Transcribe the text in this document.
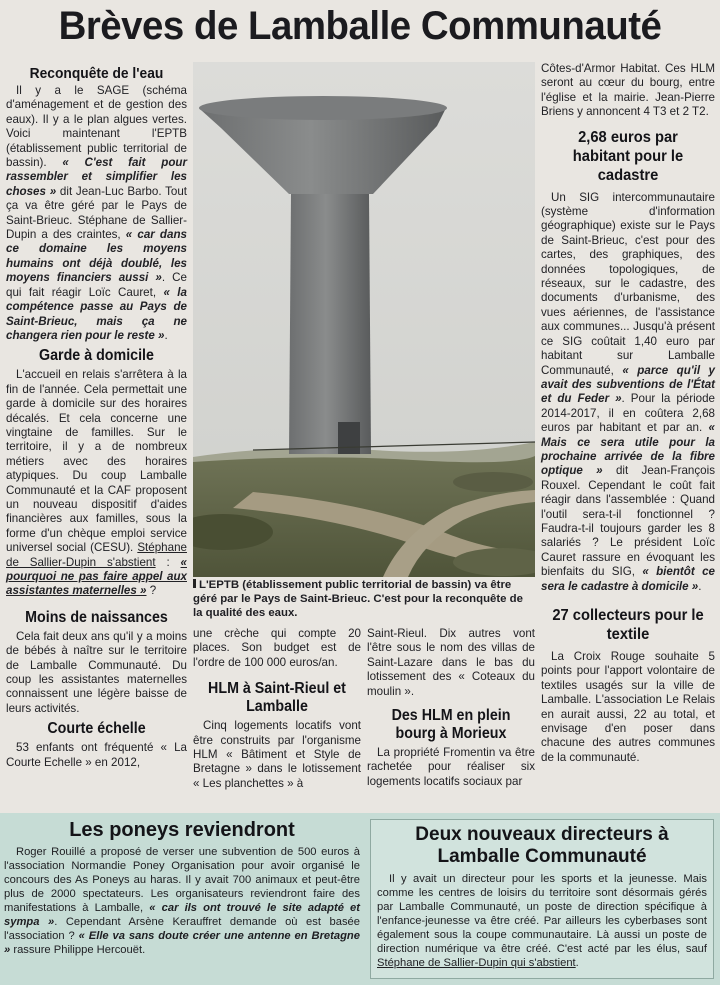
Brèves de Lamballe Communauté
Reconquête de l'eau

Il y a le SAGE (schéma d'aménagement et de gestion des eaux). Il y a le plan algues vertes. Voici maintenant l'EPTB (établissement public territorial de bassin). « C'est fait pour rassembler et simplifier les choses » dit Jean-Luc Barbo. Tout ça va être géré par le Pays de Saint-Brieuc. Stéphane de Sallier-Dupin a des craintes, « car dans ce domaine les moyens humains ont déjà doublé, les moyens financiers aussi ». Ce qui fait réagir Loïc Cauret, « la compétence passe au Pays de Saint-Brieuc, mais ça ne changera rien pour le reste ».

Garde à domicile

L'accueil en relais s'arrêtera à la fin de l'année. Cela permettait une garde à domicile sur des horaires décalés. Et cela concerne une vingtaine de familles. Sur le territoire, il y a de nombreux métiers avec des horaires atypiques. Du coup Lamballe Communauté et la CAF proposent un nouveau dispositif d'aides financières aux familles, sous la forme d'un chèque emploi service universel social (CESU). Stéphane de Sallier-Dupin s'abstient : « pourquoi ne pas faire appel aux assistantes maternelles » ?

Moins de naissances

Cela fait deux ans qu'il y a moins de bébés à naître sur le territoire de Lamballe Communauté. Du coup les assistantes maternelles connaissent une légère baisse de leurs activités.

Courte échelle

53 enfants ont fréquenté « La Courte Echelle » en 2012,

L'EPTB (établissement public territorial de bassin) va être géré par le Pays de Saint-Brieuc. C'est pour la reconquête de la qualité des eaux.

une crèche qui compte 20 places. Son budget est de l'ordre de 100 000 euros/an.

HLM à Saint-Rieul et Lamballe

Cinq logements locatifs vont être construits par l'organisme HLM « Bâtiment et Style de Bretagne » dans le lotissement « Les planchettes » à

Saint-Rieul. Dix autres vont l'être sous le nom des villas de Saint-Lazare dans le bas du lotissement des « Coteaux du moulin ».

Des HLM en plein bourg à Morieux

La propriété Fromentin va être rachetée pour réaliser six logements locatifs sociaux par

Côtes-d'Armor Habitat. Ces HLM seront au cœur du bourg, entre l'église et la mairie. Jean-Pierre Briens y annoncent 4 T3 et 2 T2.

2,68 euros par habitant pour le cadastre

Un SIG intercommunautaire (système d'information géographique) existe sur le Pays de Saint-Brieuc, c'est pour des cartes, des graphiques, des données topologiques, de réseaux, sur le cadastre, des documents d'urbanisme, des vues aériennes, de l'assistance aux communes... Jusqu'à présent ce SIG coûtait 1,40 euro par habitant sur Lamballe Communauté, « parce qu'il y avait des subventions de l'État et du Feder ». Pour la période 2014-2017, il en coûtera 2,68 euros par habitant et par an. « Mais ce sera utile pour la prochaine arrivée de la fibre optique » dit Jean-François Rouxel. Cependant le coût fait réagir dans l'assemblée : Quand l'outil sera-t-il fonctionnel ? Faudra-t-il toujours garder les 8 salariés ? Le président Loïc Cauret rassure en évoquant les bienfaits du SIG, « bientôt ce sera le cadastre à domicile ».

27 collecteurs pour le textile

La Croix Rouge souhaite 5 points pour l'apport volontaire de textiles usagés sur la ville de Lamballe. L'association Le Relais en aurait aussi, 22 au total, et envisage d'en poser dans chacune des autres communes de la communauté.

Les poneys reviendront

Roger Rouillé a proposé de verser une subvention de 500 euros à l'association Normandie Poney Organisation pour avoir organisé le concours des As Poneys au haras. Il y avait 700 animaux et peut-être plus de 2000 spectateurs. Les organisateurs reviendront faire des manifestations à Lamballe, « car ils ont trouvé le site adapté et sympa ». Cependant Arsène Kerauffret demande où est basée l'association ? « Elle va sans doute créer une antenne en Bretagne » rassure Philippe Hercouët.

Deux nouveaux directeurs à Lamballe Communauté

Il y avait un directeur pour les sports et la jeunesse. Mais comme les centres de loisirs du territoire sont désormais gérés par Lamballe Communauté, un poste de direction spécifique à l'enfance-jeunesse va être créé. Par ailleurs les cyberbases sont également sous la coupe communautaire. Là aussi un poste de direction numérique va être créé. C'est acté par les élus, sauf Stéphane de Sallier-Dupin qui s'abstient.
